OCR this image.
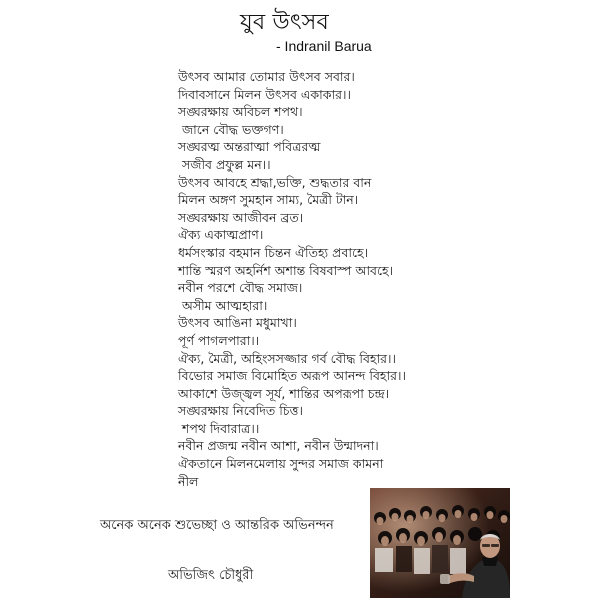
যুব উৎসব
- Indranil Barua
উৎসব আমার তোমার উৎসব সবার।
দিবাবসানে মিলন উৎসব একাকার।।
সঙ্ঘরক্ষায় অবিচল শপথ।
জানে বৌদ্ধ ভক্তগণ।
সঙ্ঘরত্ম অন্তরাত্মা পবিত্ররত্ম
সজীব প্রফুল্ল মন।।
উৎসব আবহে শ্রদ্ধা,ভক্তি, শুদ্ধতার বান
মিলন অঙ্গণ সুমহান সাম্য, মৈত্রী টান।
সঙ্ঘরক্ষায় আজীবন ব্রত।
ঐক্য একাত্মপ্রাণ।
ধর্মসংস্কার বহমান চিন্তন ঐতিহ্য প্রবাহে।
শান্তি স্মরণ অহর্নিশ অশান্ত বিষবাস্প আবহে।
নবীন পরশে বৌদ্ধ সমাজ।
অসীম আত্মহারা।
উৎসব আঙিনা মধুমাখা।
পূর্ণ পাগলপারা।।
ঐক্য, মৈত্রী, অহিংসসজ্জার গর্ব বৌদ্ধ বিহার।।
বিভোর সমাজ বিমোহিত অরূপ আনন্দ বিহার।।
আকাশে উজ্জ্বল সূর্য, শান্তির অপরূপা চন্দ্র।
সঙ্ঘরক্ষায় নিবেদিত চিত্ত।
শপথ দিবারাত্র।।
নবীন প্রজন্ম নবীন আশা, নবীন উন্মাদনা।
ঐকতানে মিলনমেলায় সুন্দর সমাজ কামনা
নীল
অনেক অনেক শুভেচ্ছা ও আন্তরিক অভিনন্দন
অভিজিৎ চৌধুরী
